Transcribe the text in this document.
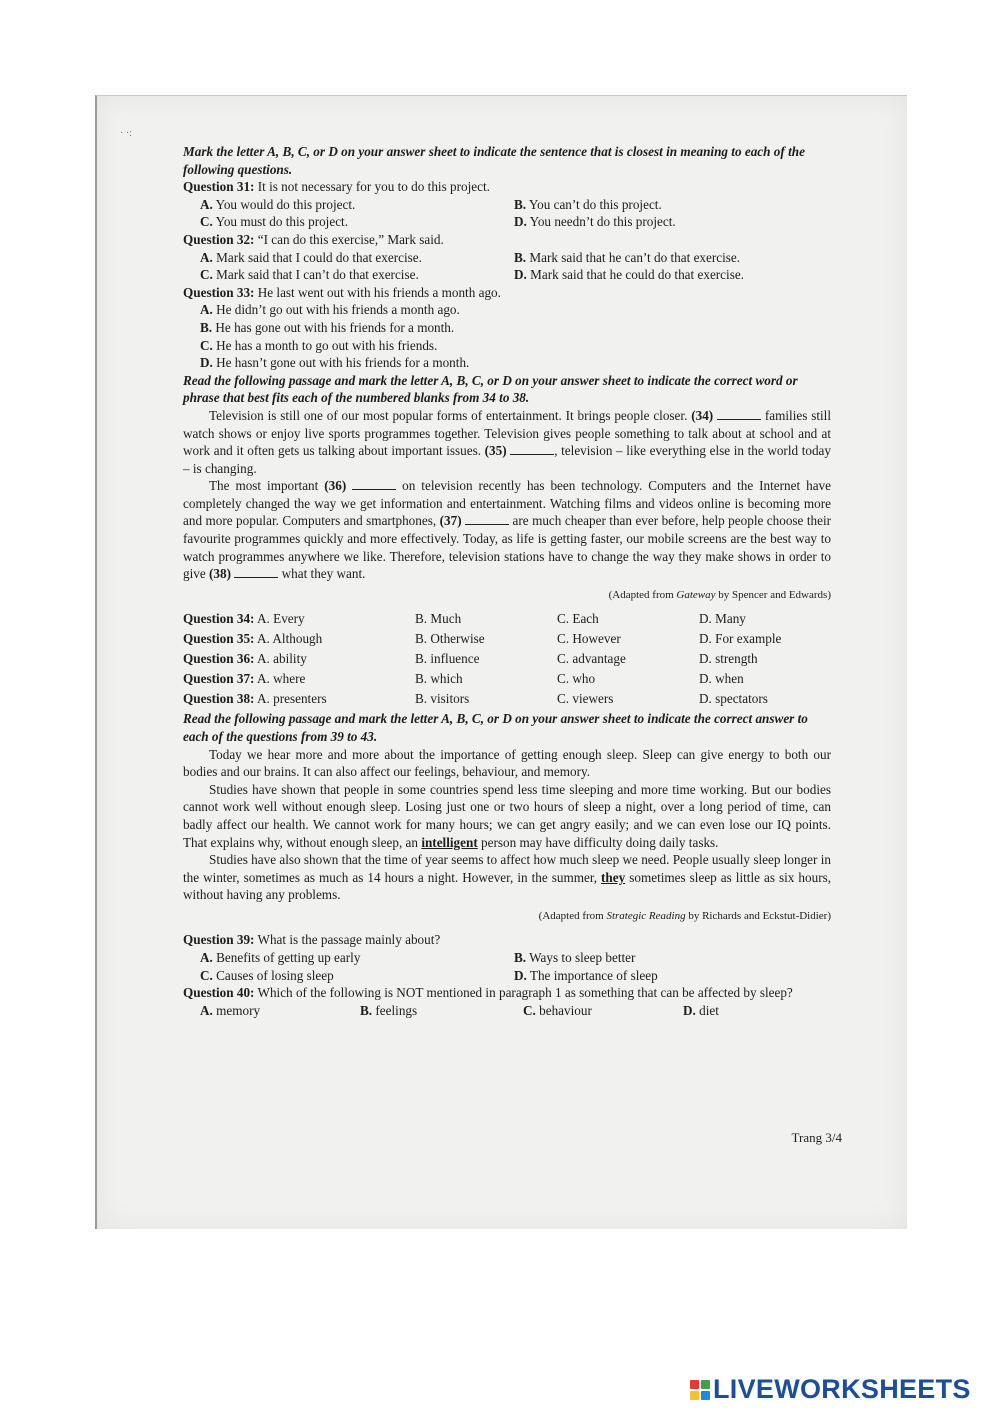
· ·:

Mark the letter A, B, C, or D on your answer sheet to indicate the sentence that is closest in meaning to each of the following questions.

Question 31: It is not necessary for you to do this project.

A. You would do this project.	B. You can’t do this project.
C. You must do this project.	D. You needn’t do this project.

Question 32: “I can do this exercise,” Mark said.

A. Mark said that I could do that exercise.	B. Mark said that he can’t do that exercise.
C. Mark said that I can’t do that exercise.	D. Mark said that he could do that exercise.

Question 33: He last went out with his friends a month ago.

A. He didn’t go out with his friends a month ago.

B. He has gone out with his friends for a month.

C. He has a month to go out with his friends.

D. He hasn’t gone out with his friends for a month.

Read the following passage and mark the letter A, B, C, or D on your answer sheet to indicate the correct word or phrase that best fits each of the numbered blanks from 34 to 38.

Television is still one of our most popular forms of entertainment. It brings people closer. (34)	families still watch shows or enjoy live sports programmes together. Television gives people something to talk about at school and at work and it often gets us talking about important issues. (35)	, television – like everything else in the world today – is changing.

The most important (36)	on television recently has been technology. Computers and the Internet have completely changed the way we get information and entertainment. Watching films and videos online is becoming more and more popular. Computers and smartphones, (37)	are much cheaper than ever before, help people choose their favourite programmes quickly and more effectively. Today, as life is getting faster, our mobile screens are the best way to watch programmes anywhere we like. Therefore, television stations have to change the way they make shows in order to give (38)	what they want.

(Adapted from Gateway by Spencer and Edwards)

Question 34: A. Every	B. Much	C. Each	D. Many
Question 35: A. Although	B. Otherwise	C. However	D. For example
Question 36: A. ability	B. influence	C. advantage	D. strength
Question 37: A. where	B. which	C. who	D. when
Question 38: A. presenters	B. visitors	C. viewers	D. spectators

Read the following passage and mark the letter A, B, C, or D on your answer sheet to indicate the correct answer to each of the questions from 39 to 43.

Today we hear more and more about the importance of getting enough sleep. Sleep can give energy to both our bodies and our brains. It can also affect our feelings, behaviour, and memory.

Studies have shown that people in some countries spend less time sleeping and more time working. But our bodies cannot work well without enough sleep. Losing just one or two hours of sleep a night, over a long period of time, can badly affect our health. We cannot work for many hours; we can get angry easily; and we can even lose our IQ points. That explains why, without enough sleep, an intelligent person may have difficulty doing daily tasks.

Studies have also shown that the time of year seems to affect how much sleep we need. People usually sleep longer in the winter, sometimes as much as 14 hours a night. However, in the summer, they sometimes sleep as little as six hours, without having any problems.

(Adapted from Strategic Reading by Richards and Eckstut-Didier)

Question 39: What is the passage mainly about?

A. Benefits of getting up early	B. Ways to sleep better
C. Causes of losing sleep	D. The importance of sleep

Question 40: Which of the following is NOT mentioned in paragraph 1 as something that can be affected by sleep?

A. memory	B. feelings	C. behaviour	D. diet
Trang 3/4
LIVEWORKSHEETS
